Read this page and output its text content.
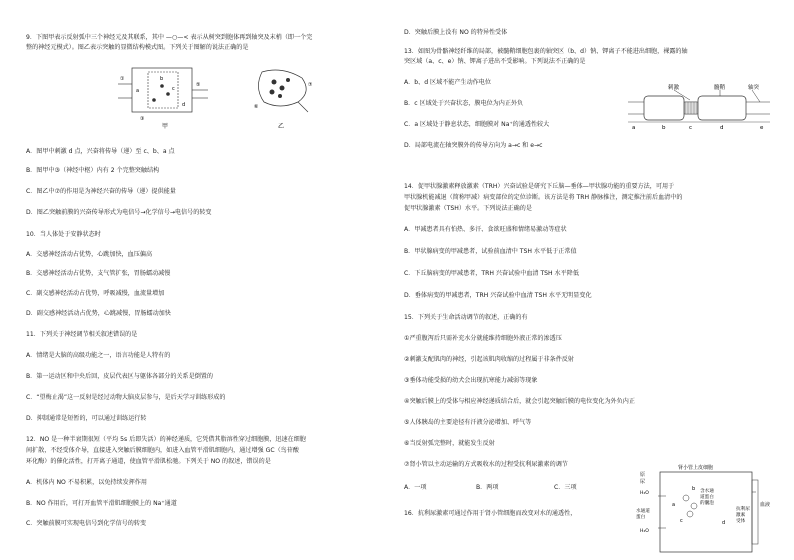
9．下图甲表示反射弧中三个神经元及其联系，其中 —○—< 表示从树突到胞体再到轴突及末梢（即一个完
整的神经元模式）。图乙表示突触的显微结构模式图。下列关于图解的说法正确的是
b
c
a
d
①
⑤
③
甲
⑦
⑥
乙
A．图甲中刺激 d 点，兴奋将传导（递）至 c、b、a 点
B．图甲中③（神经中枢）内有 2 个完整突触结构
C．图乙中⑦的作用是为神经兴奋的传导（递）提供能量
D．图乙突触前膜的兴奋传导形式为电信号→化学信号→电信号的转变
10．当人体处于安静状态时
A．交感神经活动占优势，心跳加快，血压偏高
B．交感神经活动占优势，支气管扩张，胃肠蠕动减慢
C．副交感神经活动占优势，呼吸减慢，血流量增加
D．副交感神经活动占优势，心跳减慢，胃肠蠕动加快
11．下列关于神经调节相关叙述错误的是
A．情绪是大脑的高级功能之一，语言功能是人特有的
B．第一运动区和中央后回，皮层代表区与躯体各部分的关系是倒置的
C．“望梅止渴”这一反射是经过动物大脑皮层参与，是后天学习训练形成的
D．抑制通常是短暂的，可以通过训练运行转
12．NO 是一种半衰期很短（平均 5s 后即失活）的神经递质，它凭借其脂溶性穿过细胞膜，迅速在细胞
间扩散，不经受体介导，直接进入突触后膜细胞内，如进入血管平滑肌细胞内，通过增强 GC（鸟苷酸
环化酶）的催化活性，打开离子通道，使血管平滑肌松驰。下列关于 NO 的叙述，错误的是
A．机体内 NO 不易积累，以免持续发挥作用
B．NO 作用后，可打开血管平滑肌细胞膜上的 Na⁺通道
C．突触前膜可实现电信号到化学信号的转变
D．突触后膜上没有 NO 的特异性受体
13．如图为骨骼神经纤维的局部，被髓鞘细胞包裹的轴突区（b、d）钠、钾离子不能进出细胞，裸露的轴
突区域（a、c、e）钠、钾离子进出不受影响。下列说法不正确的是
A．b、d 区域不能产生动作电位
B．c 区域处于兴奋状态，膜电位为内正外负
C．a 区域处于静息状态，细胞膜对 Na⁺的通透性较大
D．局部电流在轴突膜外的传导方向为 a→c 和 e→c
刺激	髓鞘	轴突
a	b	c	d	e
14．促甲状腺激素释放激素（TRH）兴奋试验是研究下丘脑—垂体—甲状腺功能的重要方法，可用于
甲状腺机能减退（简称甲减）病变部位的定位诊断。该方法是将 TRH 静脉推注，测定推注前后血清中的
促甲状腺激素（TSH）水平。下列说法正确的是
A．甲减患者具有怕热、多汗、食欲旺盛和情绪易激动等症状
B．甲状腺病变的甲减患者，试验前血清中 TSH 水平低于正常值
C．下丘脑病变的甲减患者，TRH 兴奋试验中血清 TSH 水平降低
D．垂体病变的甲减患者，TRH 兴奋试验中血清 TSH 水平无明显变化
15．下列关于生命活动调节的叙述，正确的有
①严重腹泻后只需补充水分就能维持细胞外液正常的渗透压
②刺激支配肌肉的神经，引起该肌肉收缩的过程属于非条件反射
③垂体功能受损的幼犬会出现抗寒能力减弱等现象
④突触后膜上的受体与相应神经递质结合后，就会引起突触后膜的电位变化为外负内正
⑤人体胰岛的主要途径有汗液分泌增加、呼气等
⑥当反射弧完整时，就能发生反射
⑦肾小管以主动运输的方式吸收水的过程受抗利尿激素的调节
A．一项	B．两项	C．三项
16．抗利尿激素可通过作用于肾小管细胞而改变对水的通透性，
肾小管上皮细胞
原
尿
水通道
蛋白
含水通
道蛋白
的囊泡
抗利尿
激素
受体
血液
H₂O
H₂O
a
b
c	d
